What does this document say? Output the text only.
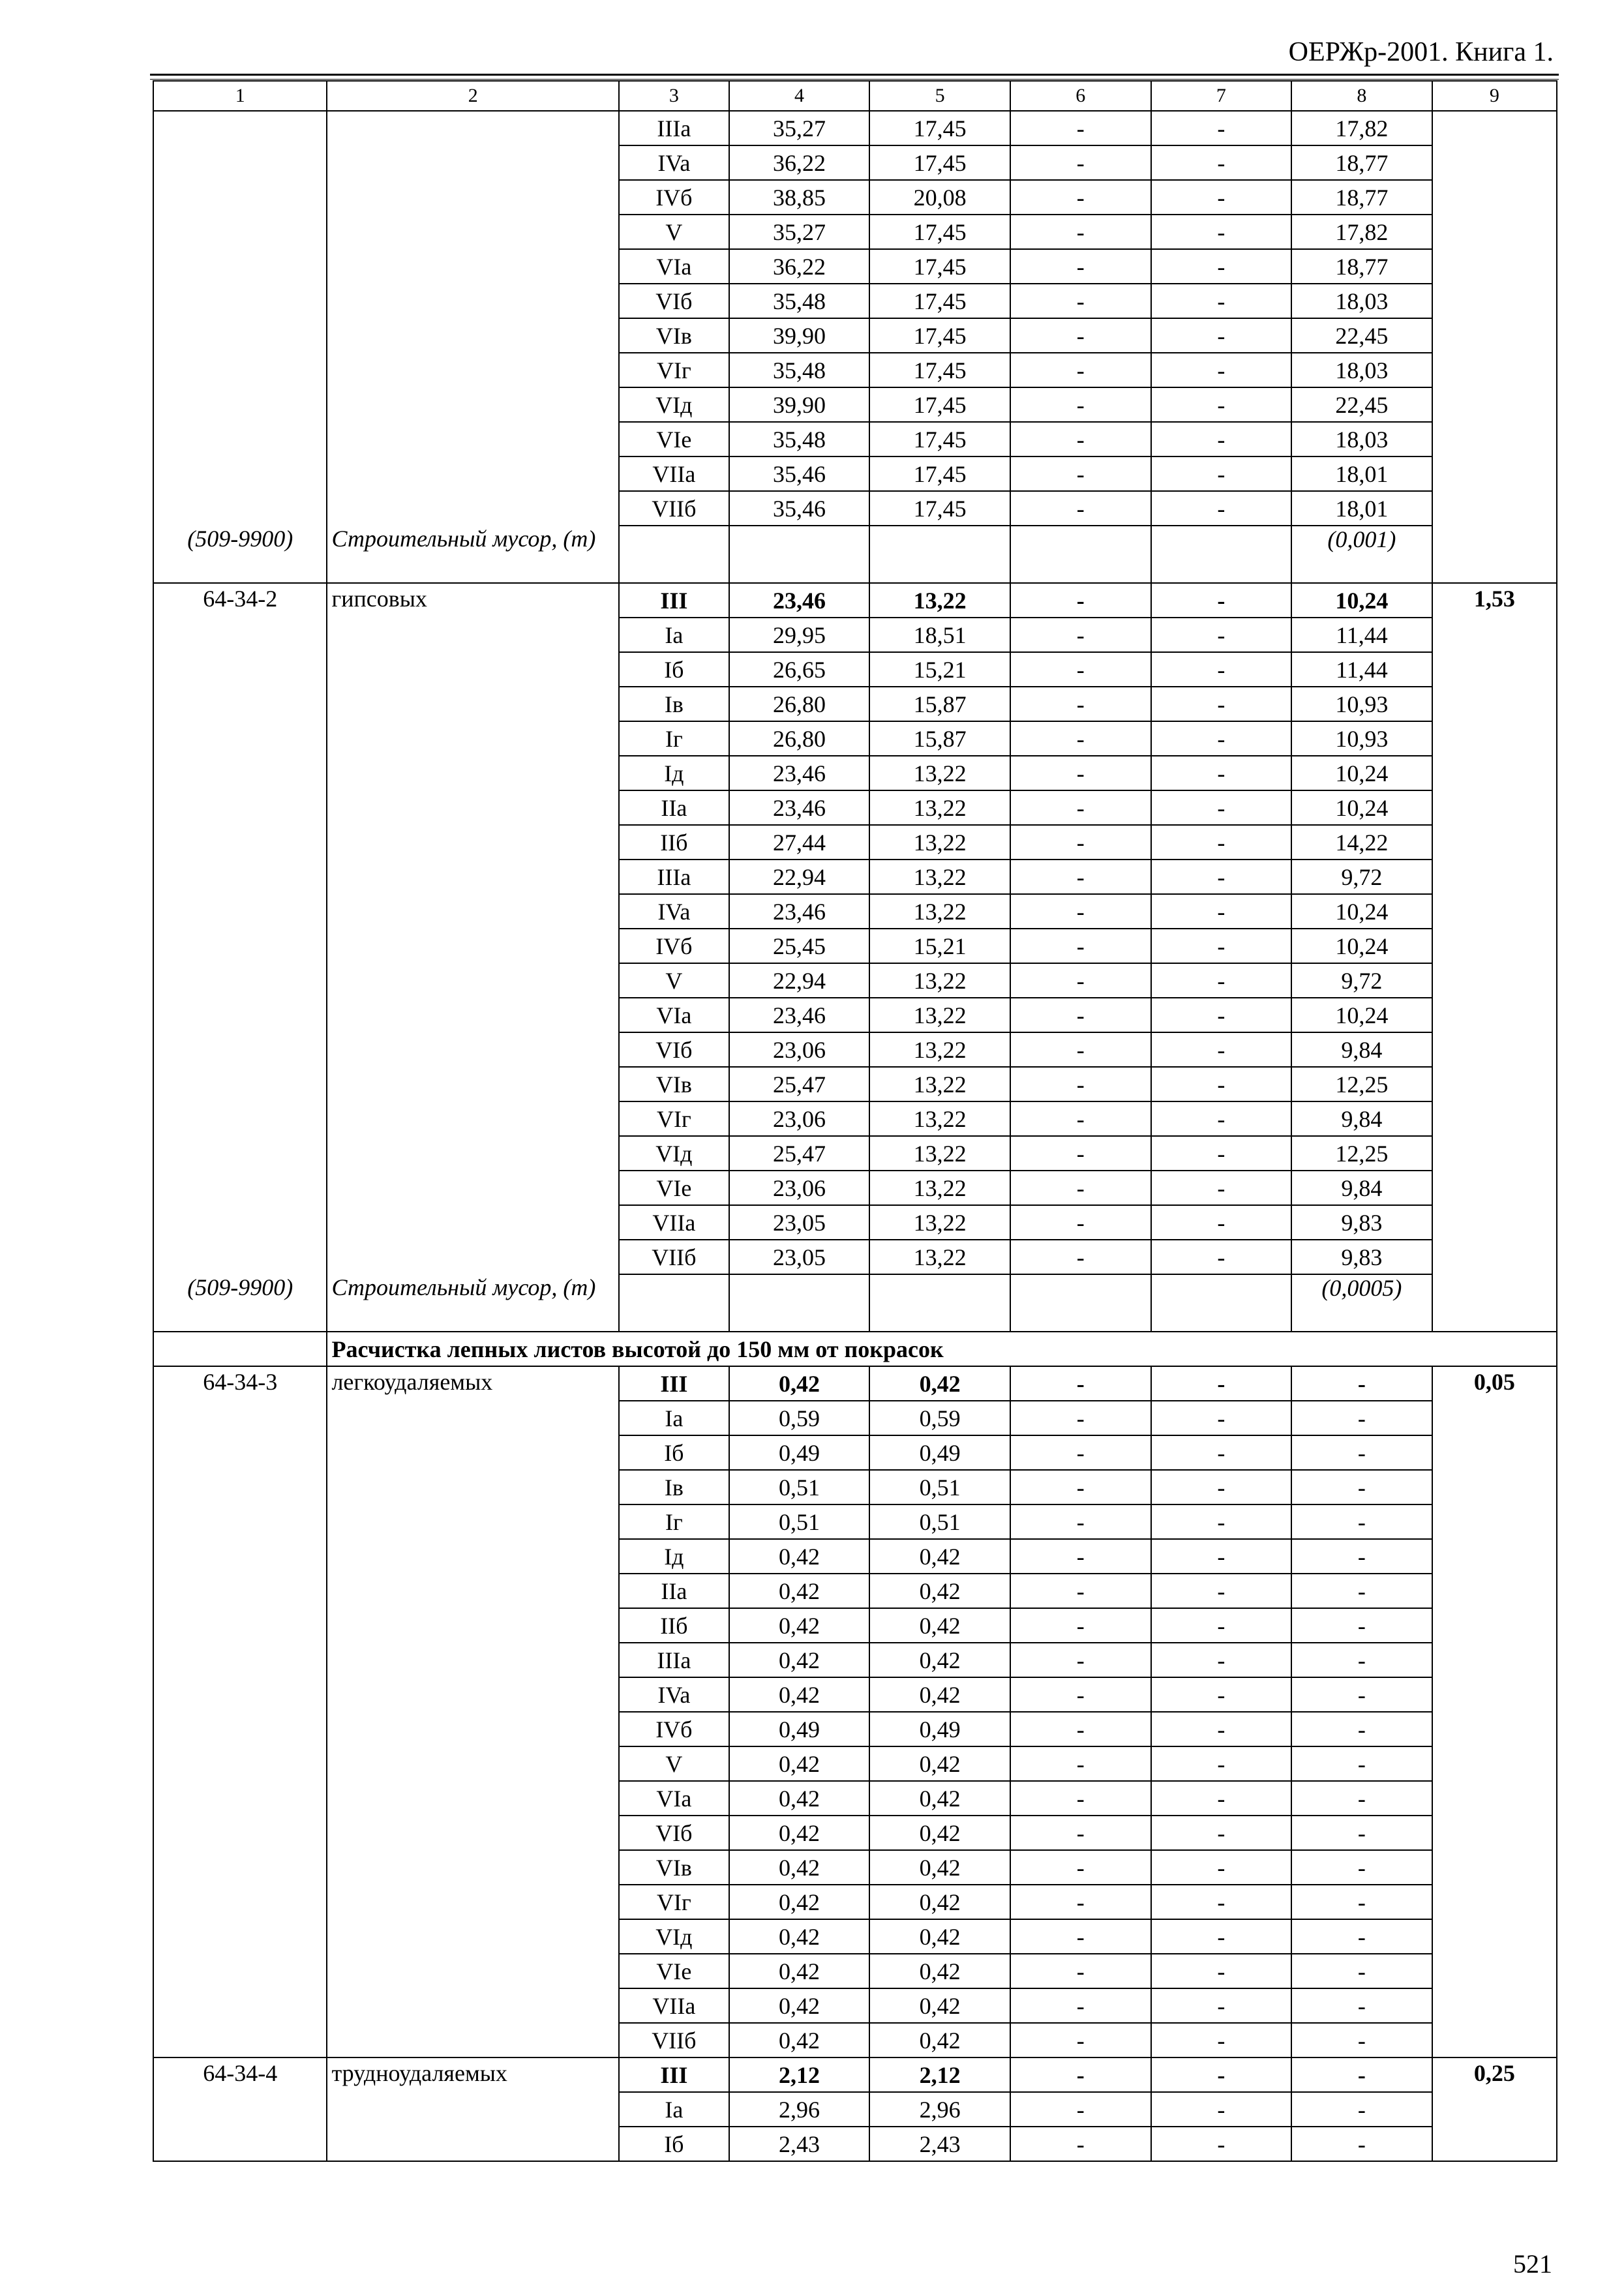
ОЕРЖр-2001. Книга 1.
1	2	3	4	5	6	7	8	9
		IIIa	35,27	17,45	-	-	17,82	
		IVa	36,22	17,45	-	-	18,77	
		IVб	38,85	20,08	-	-	18,77	
		V	35,27	17,45	-	-	17,82	
		VIa	36,22	17,45	-	-	18,77	
		VIб	35,48	17,45	-	-	18,03	
		VIв	39,90	17,45	-	-	22,45	
		VIг	35,48	17,45	-	-	18,03	
		VIд	39,90	17,45	-	-	22,45	
		VIe	35,48	17,45	-	-	18,03	
		VIIa	35,46	17,45	-	-	18,01	
		VIIб	35,46	17,45	-	-	18,01	
(509-9900)	Строительный мусор, (т)						(0,001)	
64-34-2	гипсовых	III	23,46	13,22	-	-	10,24	1,53
		Ia	29,95	18,51	-	-	11,44	
		Iб	26,65	15,21	-	-	11,44	
		Iв	26,80	15,87	-	-	10,93	
		Iг	26,80	15,87	-	-	10,93	
		Iд	23,46	13,22	-	-	10,24	
		IIa	23,46	13,22	-	-	10,24	
		IIб	27,44	13,22	-	-	14,22	
		IIIa	22,94	13,22	-	-	9,72	
		IVa	23,46	13,22	-	-	10,24	
		IVб	25,45	15,21	-	-	10,24	
		V	22,94	13,22	-	-	9,72	
		VIa	23,46	13,22	-	-	10,24	
		VIб	23,06	13,22	-	-	9,84	
		VIв	25,47	13,22	-	-	12,25	
		VIг	23,06	13,22	-	-	9,84	
		VIд	25,47	13,22	-	-	12,25	
		VIe	23,06	13,22	-	-	9,84	
		VIIa	23,05	13,22	-	-	9,83	
		VIIб	23,05	13,22	-	-	9,83	
(509-9900)	Строительный мусор, (т)						(0,0005)	
	Расчистка лепных листов высотой до 150 мм от покрасок							
64-34-3	легкоудаляемых	III	0,42	0,42	-	-	-	0,05
		Ia	0,59	0,59	-	-	-	
		Iб	0,49	0,49	-	-	-	
		Iв	0,51	0,51	-	-	-	
		Iг	0,51	0,51	-	-	-	
		Iд	0,42	0,42	-	-	-	
		IIa	0,42	0,42	-	-	-	
		IIб	0,42	0,42	-	-	-	
		IIIa	0,42	0,42	-	-	-	
		IVa	0,42	0,42	-	-	-	
		IVб	0,49	0,49	-	-	-	
		V	0,42	0,42	-	-	-	
		VIa	0,42	0,42	-	-	-	
		VIб	0,42	0,42	-	-	-	
		VIв	0,42	0,42	-	-	-	
		VIг	0,42	0,42	-	-	-	
		VIд	0,42	0,42	-	-	-	
		VIe	0,42	0,42	-	-	-	
		VIIa	0,42	0,42	-	-	-	
		VIIб	0,42	0,42	-	-	-	
64-34-4	трудноудаляемых	III	2,12	2,12	-	-	-	0,25
		Ia	2,96	2,96	-	-	-	
		Iб	2,43	2,43	-	-	-	
521
